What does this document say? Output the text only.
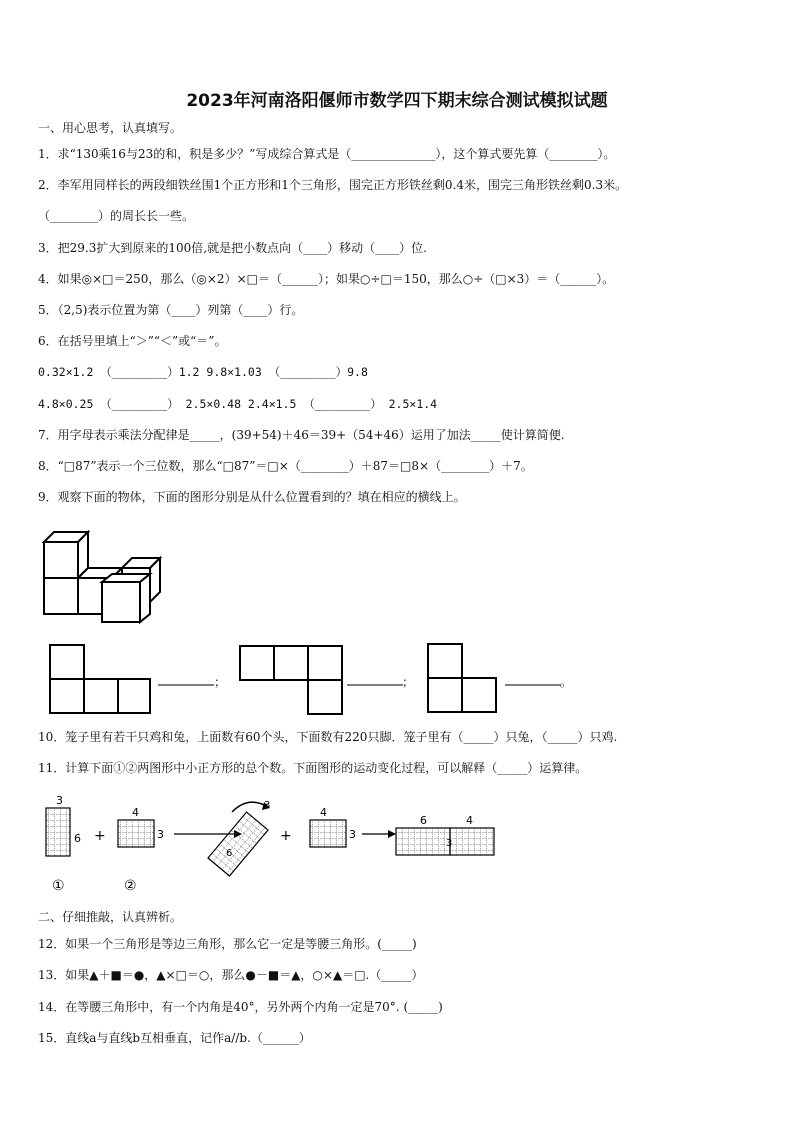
2023年河南洛阳偃师市数学四下期末综合测试模拟试题
一、用心思考，认真填写。
1．求“130乘16与23的和，积是多少？”写成综合算式是（______________），这个算式要先算（________）。
2．李军用同样长的两段细铁丝围1个正方形和1个三角形，围完正方形铁丝剩0.4米，围完三角形铁丝剩0.3米。
（________）的周长长一些。
3．把29.3扩大到原来的100倍,就是把小数点向（____）移动（____）位.
4．如果◎×□＝250，那么（◎×2）×□＝（______）；如果○÷□＝150，那么○÷（□×3）＝（______）。
5．（2,5)表示位置为第（____）列第（____）行。
6．在括号里填上“＞”“＜”或“＝”。
0.32×1.2 （________）1.2 9.8×1.03 （________）9.8
4.8×0.25 （________） 2.5×0.48 2.4×1.5 （________） 2.5×1.4
7．用字母表示乘法分配律是_____，(39+54)＋46＝39+（54+46）运用了加法_____使计算简便.
8．“□87”表示一个三位数，那么“□87”＝□×（________）＋87＝□8×（________）＋7。
9．观察下面的物体，下面的图形分别是从什么位置看到的？填在相应的横线上。
；	；	。
10．笼子里有若干只鸡和兔，上面数有60个头，下面数有220只脚．笼子里有（_____）只兔，（_____）只鸡.
11．计算下面①②两图形中小正方形的总个数。下面图形的运动变化过程，可以解释（_____）运算律。
3
6 +
4
3
3
6
+
4
3
6	4
3
①	②
二、仔细推敲，认真辨析。
12．如果一个三角形是等边三角形，那么它一定是等腰三角形。(_____)
13．如果▲＋■＝●，▲×□＝○，那么●－■＝▲，○×▲＝□.（_____）
14．在等腰三角形中，有一个内角是40°，另外两个内角一定是70°. (_____)
15．直线a与直线b互相垂直，记作a//b.（______）
